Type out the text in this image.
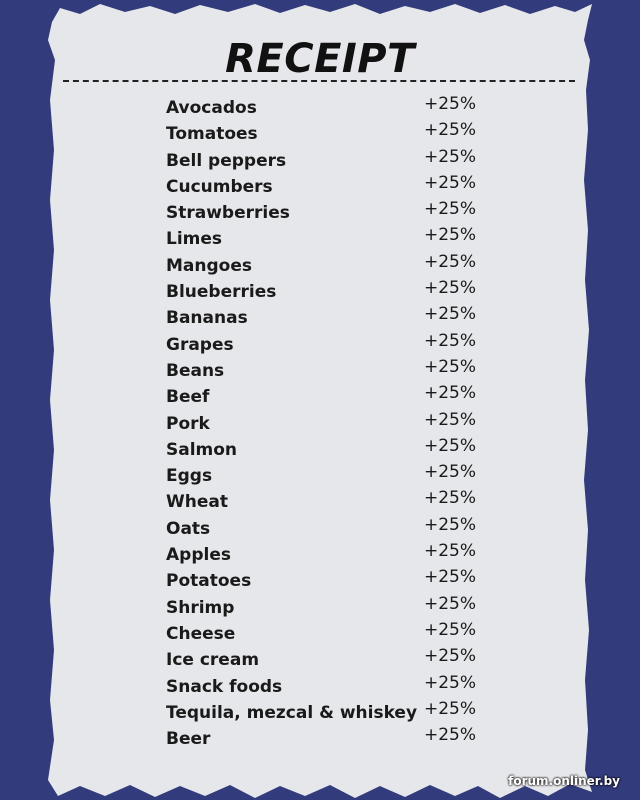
RECEIPT
Avocados	+25%
Tomatoes	+25%
Bell peppers	+25%
Cucumbers	+25%
Strawberries	+25%
Limes	+25%
Mangoes	+25%
Blueberries	+25%
Bananas	+25%
Grapes	+25%
Beans	+25%
Beef	+25%
Pork	+25%
Salmon	+25%
Eggs	+25%
Wheat	+25%
Oats	+25%
Apples	+25%
Potatoes	+25%
Shrimp	+25%
Cheese	+25%
Ice cream	+25%
Snack foods	+25%
Tequila, mezcal & whiskey +25%
Beer	+25%
forum.onliner.by
